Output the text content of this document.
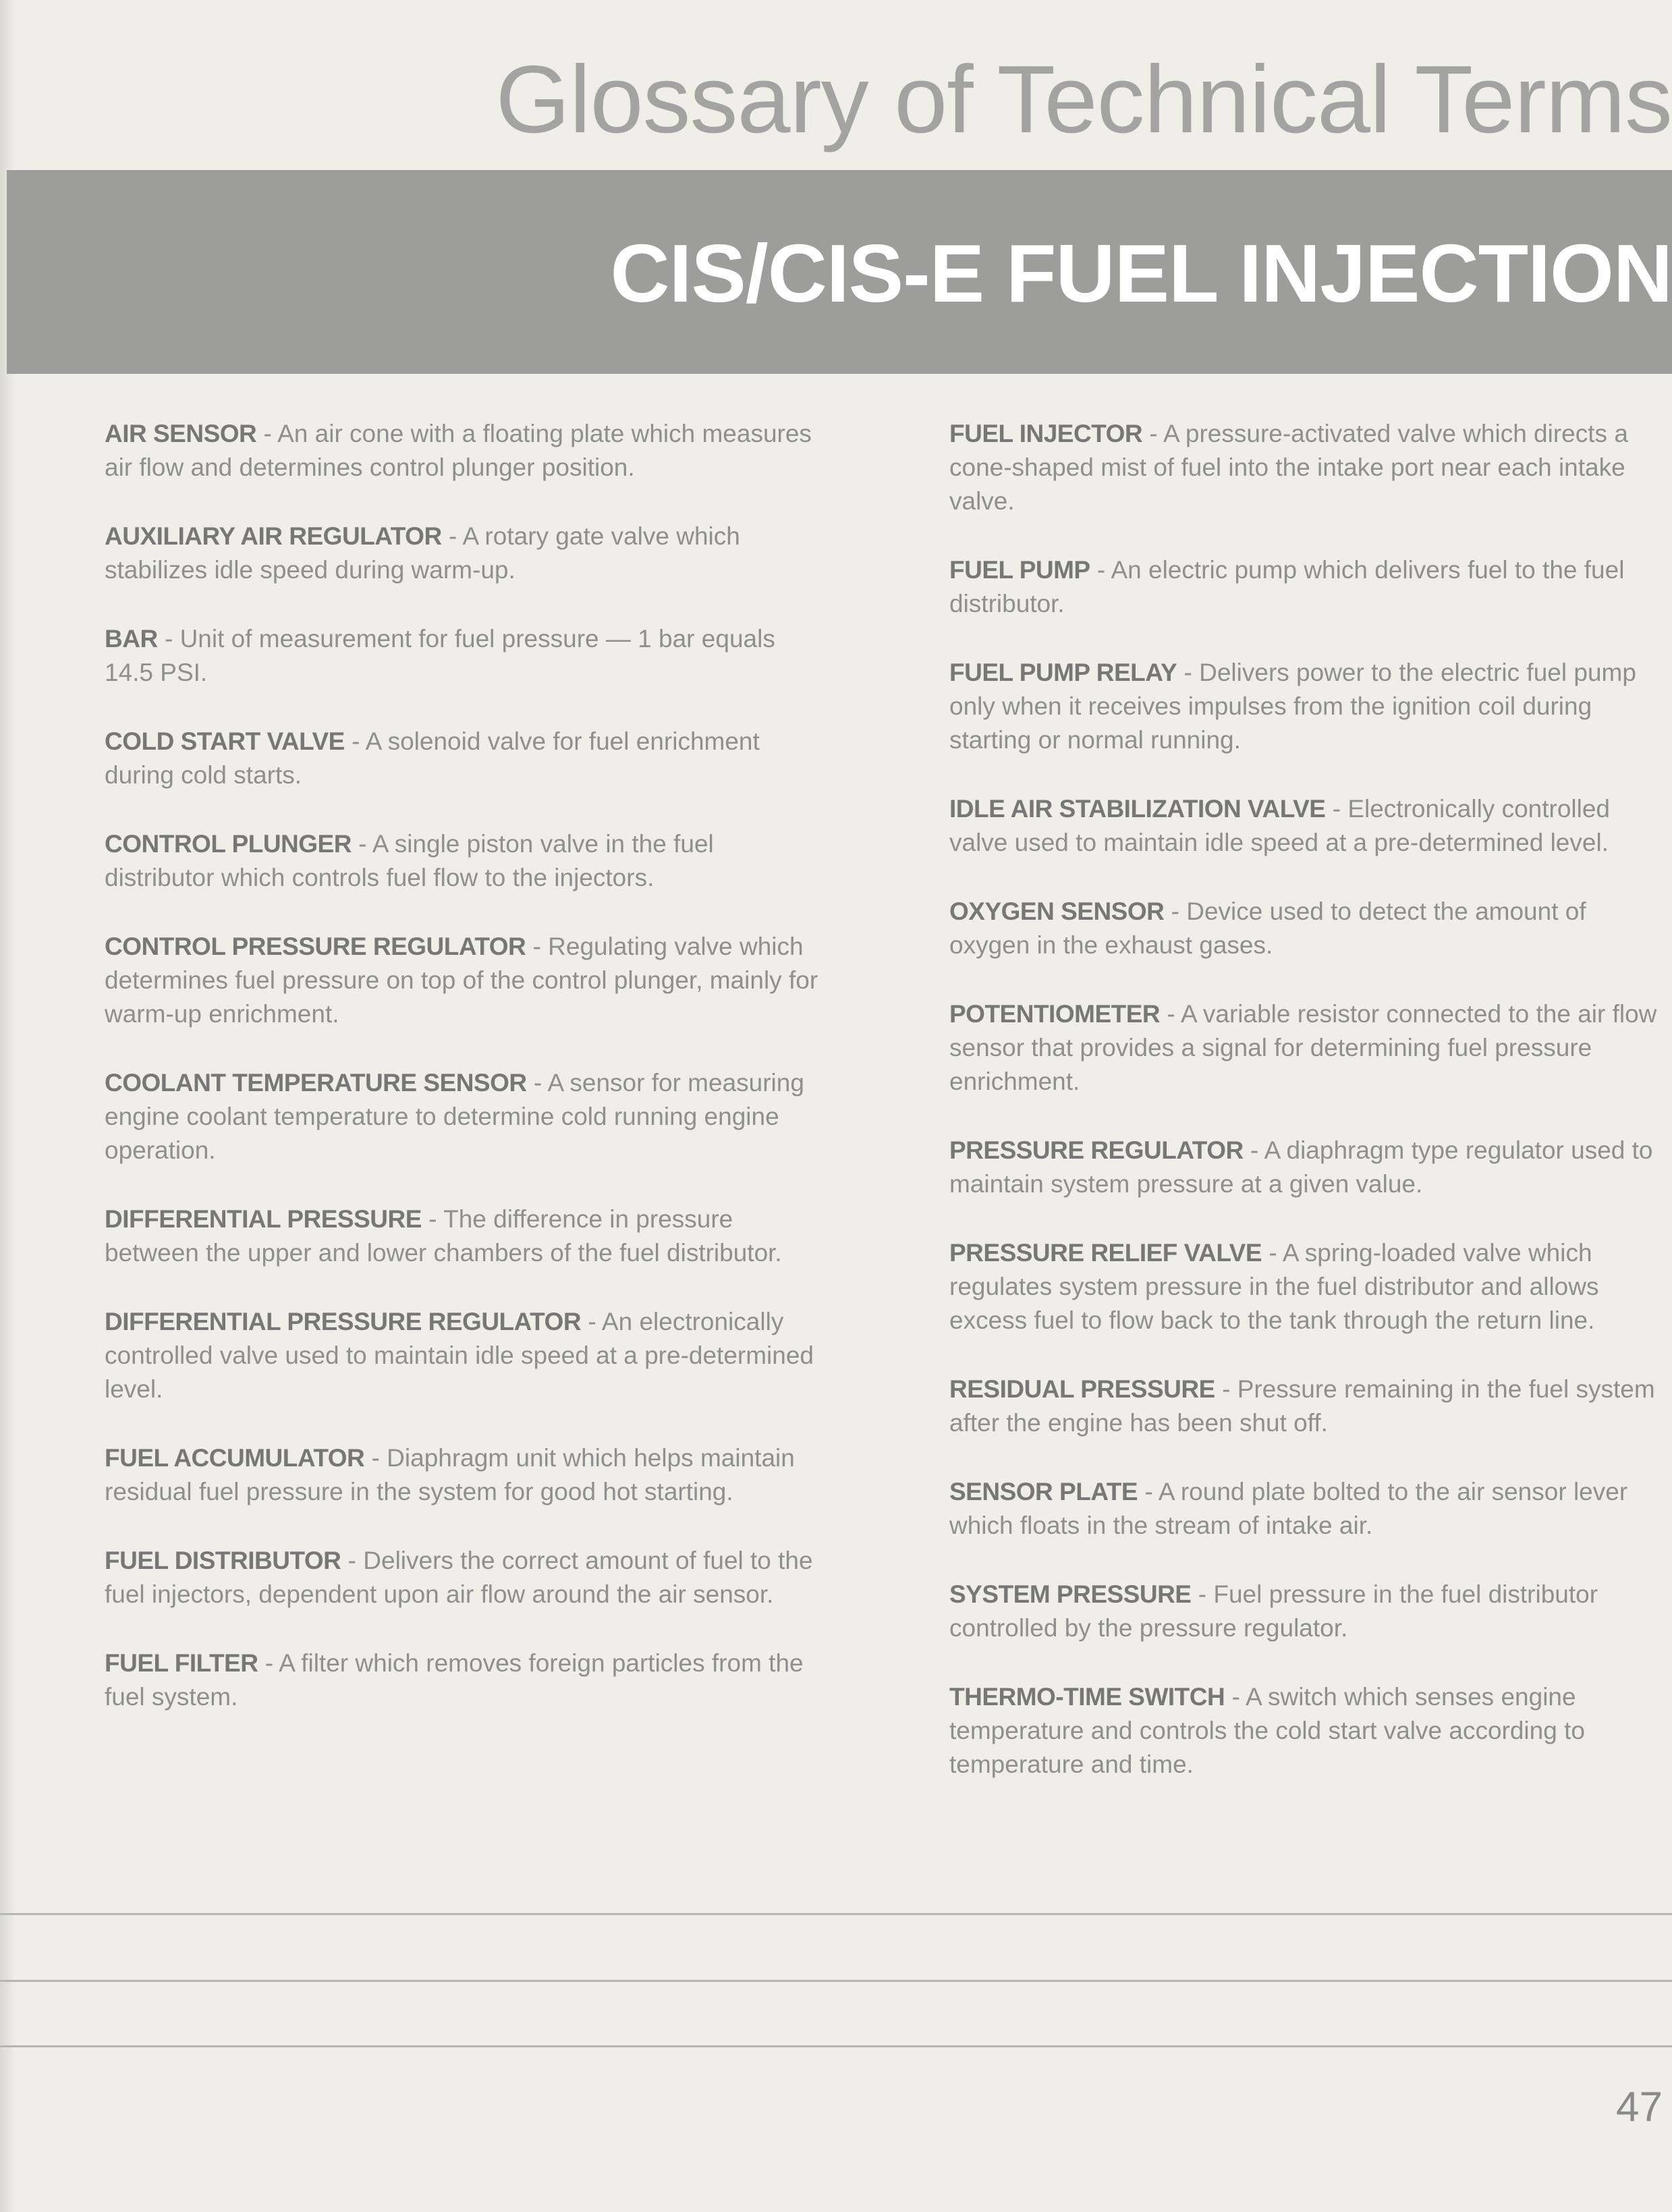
Glossary of Technical Terms
CIS/CIS-E FUEL INJECTION

AIR SENSOR - An air cone with a floating plate which measures air flow and determines control plunger position.

AUXILIARY AIR REGULATOR - A rotary gate valve which stabilizes idle speed during warm-up.

BAR - Unit of measurement for fuel pressure — 1 bar equals 14.5 PSI.

COLD START VALVE - A solenoid valve for fuel enrichment during cold starts.

CONTROL PLUNGER - A single piston valve in the fuel distributor which controls fuel flow to the injectors.

CONTROL PRESSURE REGULATOR - Regulating valve which determines fuel pressure on top of the control plunger, mainly for warm-up enrichment.

COOLANT TEMPERATURE SENSOR - A sensor for measuring engine coolant temperature to determine cold running engine operation.

DIFFERENTIAL PRESSURE - The difference in pressure between the upper and lower chambers of the fuel distributor.

DIFFERENTIAL PRESSURE REGULATOR - An electronically controlled valve used to maintain idle speed at a pre-determined level.

FUEL ACCUMULATOR - Diaphragm unit which helps maintain residual fuel pressure in the system for good hot starting.

FUEL DISTRIBUTOR - Delivers the correct amount of fuel to the fuel injectors, dependent upon air flow around the air sensor.

FUEL FILTER - A filter which removes foreign particles from the fuel system.

FUEL INJECTOR - A pressure-activated valve which directs a cone-shaped mist of fuel into the intake port near each intake valve.

FUEL PUMP - An electric pump which delivers fuel to the fuel distributor.

FUEL PUMP RELAY - Delivers power to the electric fuel pump only when it receives impulses from the ignition coil during starting or normal running.

IDLE AIR STABILIZATION VALVE - Electronically controlled valve used to maintain idle speed at a pre-determined level.

OXYGEN SENSOR - Device used to detect the amount of oxygen in the exhaust gases.

POTENTIOMETER - A variable resistor connected to the air flow sensor that provides a signal for determining fuel pressure enrichment.

PRESSURE REGULATOR - A diaphragm type regulator used to maintain system pressure at a given value.

PRESSURE RELIEF VALVE - A spring-loaded valve which regulates system pressure in the fuel distributor and allows excess fuel to flow back to the tank through the return line.

RESIDUAL PRESSURE - Pressure remaining in the fuel system after the engine has been shut off.

SENSOR PLATE - A round plate bolted to the air sensor lever which floats in the stream of intake air.

SYSTEM PRESSURE - Fuel pressure in the fuel distributor controlled by the pressure regulator.

THERMO-TIME SWITCH - A switch which senses engine temperature and controls the cold start valve according to temperature and time.

47
